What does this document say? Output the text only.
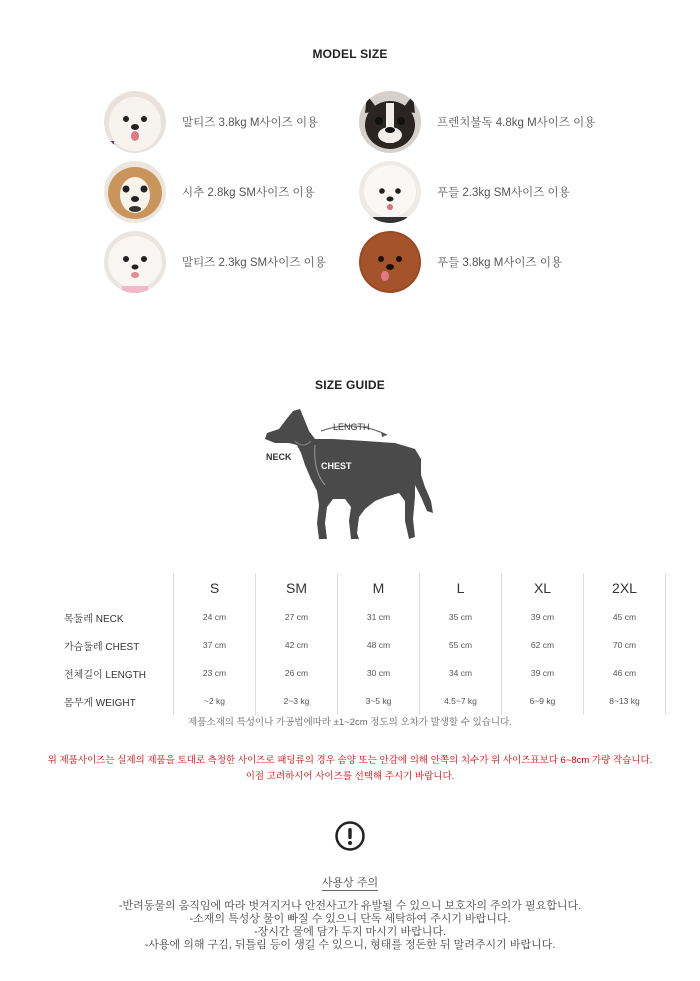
MODEL SIZE
말티즈 3.8kg M사이즈 이용	프렌치불독 4.8kg M사이즈 이용
시추 2.8kg SM사이즈 이용	푸들 2.3kg SM사이즈 이용
말티즈 2.3kg SM사이즈 이용	푸들 3.8kg M사이즈 이용
SIZE GUIDE
LENGTH
NECK
CHEST
	S	SM	M	L	XL	2XL
목둘레 NECK	24 cm	27 cm	31 cm	35 cm	39 cm	45 cm
가슴둘레 CHEST	37 cm	42 cm	48 cm	55 cm	62 cm	70 cm
전체길이 LENGTH	23 cm	26 cm	30 cm	34 cm	39 cm	46 cm
몸무게 WEIGHT	~2 kg	2~3 kg	3~5 kg	4.5~7 kg	6~9 kg	8~13 kg
제품소재의 특성이나 가공법에따라 ±1~2cm 정도의 오차가 발생할 수 있습니다.
위 제품사이즈는 실제의 제품을 토대로 측정한 사이즈로 패딩류의 경우 솜양 또는 안감에 의해 안쪽의 치수가 위 사이즈표보다 6~8cm 가량 작습니다.
이점 고려하시어 사이즈를 선택해 주시기 바랍니다.
사용상 주의
-반려동물의 움직임에 따라 벗겨지거나 안전사고가 유발될 수 있으니 보호자의 주의가 필요합니다.
-소재의 특성상 물이 빠질 수 있으니 단독 세탁하여 주시기 바랍니다.
-장시간 물에 담가 두지 마시기 바랍니다.
-사용에 의해 구김, 뒤틀림 등이 생길 수 있으니, 형태를 정돈한 뒤 말려주시기 바랍니다.
